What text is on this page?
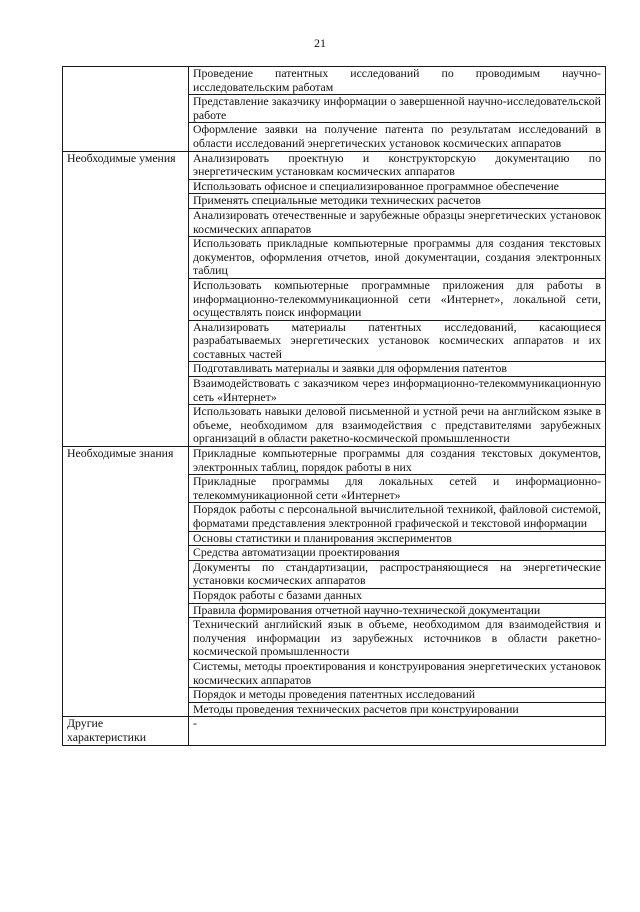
21
	Проведение патентных исследований по проводимым научно-исследовательским работам
	Представление заказчику информации о завершенной научно-исследовательской работе
	Оформление заявки на получение патента по результатам исследований в области исследований энергетических установок космических аппаратов
Необходимые умения	Анализировать проектную и конструкторскую документацию по энергетическим установкам космических аппаратов
	Использовать офисное и специализированное программное обеспечение
	Применять специальные методики технических расчетов
	Анализировать отечественные и зарубежные образцы энергетических установок космических аппаратов
	Использовать прикладные компьютерные программы для создания текстовых документов, оформления отчетов, иной документации, создания электронных таблиц
	Использовать компьютерные программные приложения для работы в информационно-телекоммуникационной сети «Интернет», локальной сети, осуществлять поиск информации
	Анализировать материалы патентных исследований, касающиеся разрабатываемых энергетических установок космических аппаратов и их составных частей
	Подготавливать материалы и заявки для оформления патентов
	Взаимодействовать с заказчиком через информационно-телекоммуникационную сеть «Интернет»
	Использовать навыки деловой письменной и устной речи на английском языке в объеме, необходимом для взаимодействия с представителями зарубежных организаций в области ракетно-космической промышленности
Необходимые знания	Прикладные компьютерные программы для создания текстовых документов, электронных таблиц, порядок работы в них
	Прикладные программы для локальных сетей и информационно-телекоммуникационной сети «Интернет»
	Порядок работы с персональной вычислительной техникой, файловой системой, форматами представления электронной графической и текстовой информации
	Основы статистики и планирования экспериментов
	Средства автоматизации проектирования
	Документы по стандартизации, распространяющиеся на энергетические установки космических аппаратов
	Порядок работы с базами данных
	Правила формирования отчетной научно-технической документации
	Технический английский язык в объеме, необходимом для взаимодействия и получения информации из зарубежных источников в области ракетно-космической промышленности
	Системы, методы проектирования и конструирования энергетических установок космических аппаратов
	Порядок и методы проведения патентных исследований
	Методы проведения технических расчетов при конструировании
Другие характеристики	-
